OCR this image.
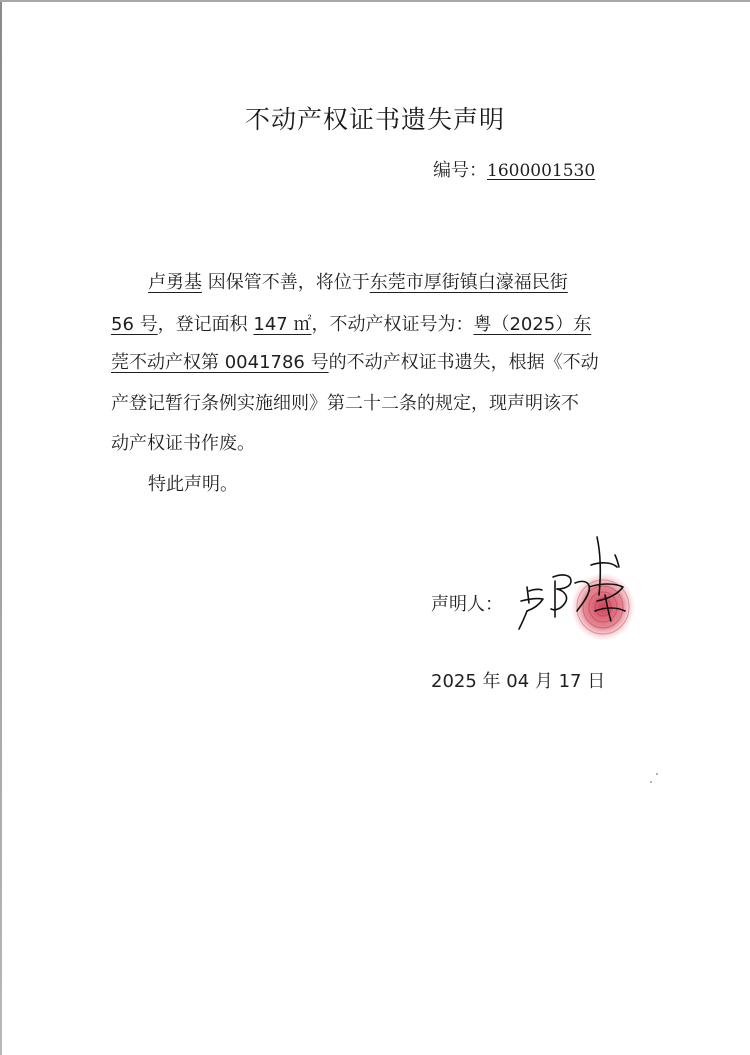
不动产权证书遗失声明
编号：1600001530
卢勇基 因保管不善，将位于东莞市厚街镇白濠福民街
56 号，登记面积 147 ㎡，不动产权证号为：粤（2025）东
莞不动产权第 0041786 号的不动产权证书遗失，根据《不动
产登记暂行条例实施细则》第二十二条的规定，现声明该不
动产权证书作废。
特此声明。
声明人：
2025 年 04 月 17 日
